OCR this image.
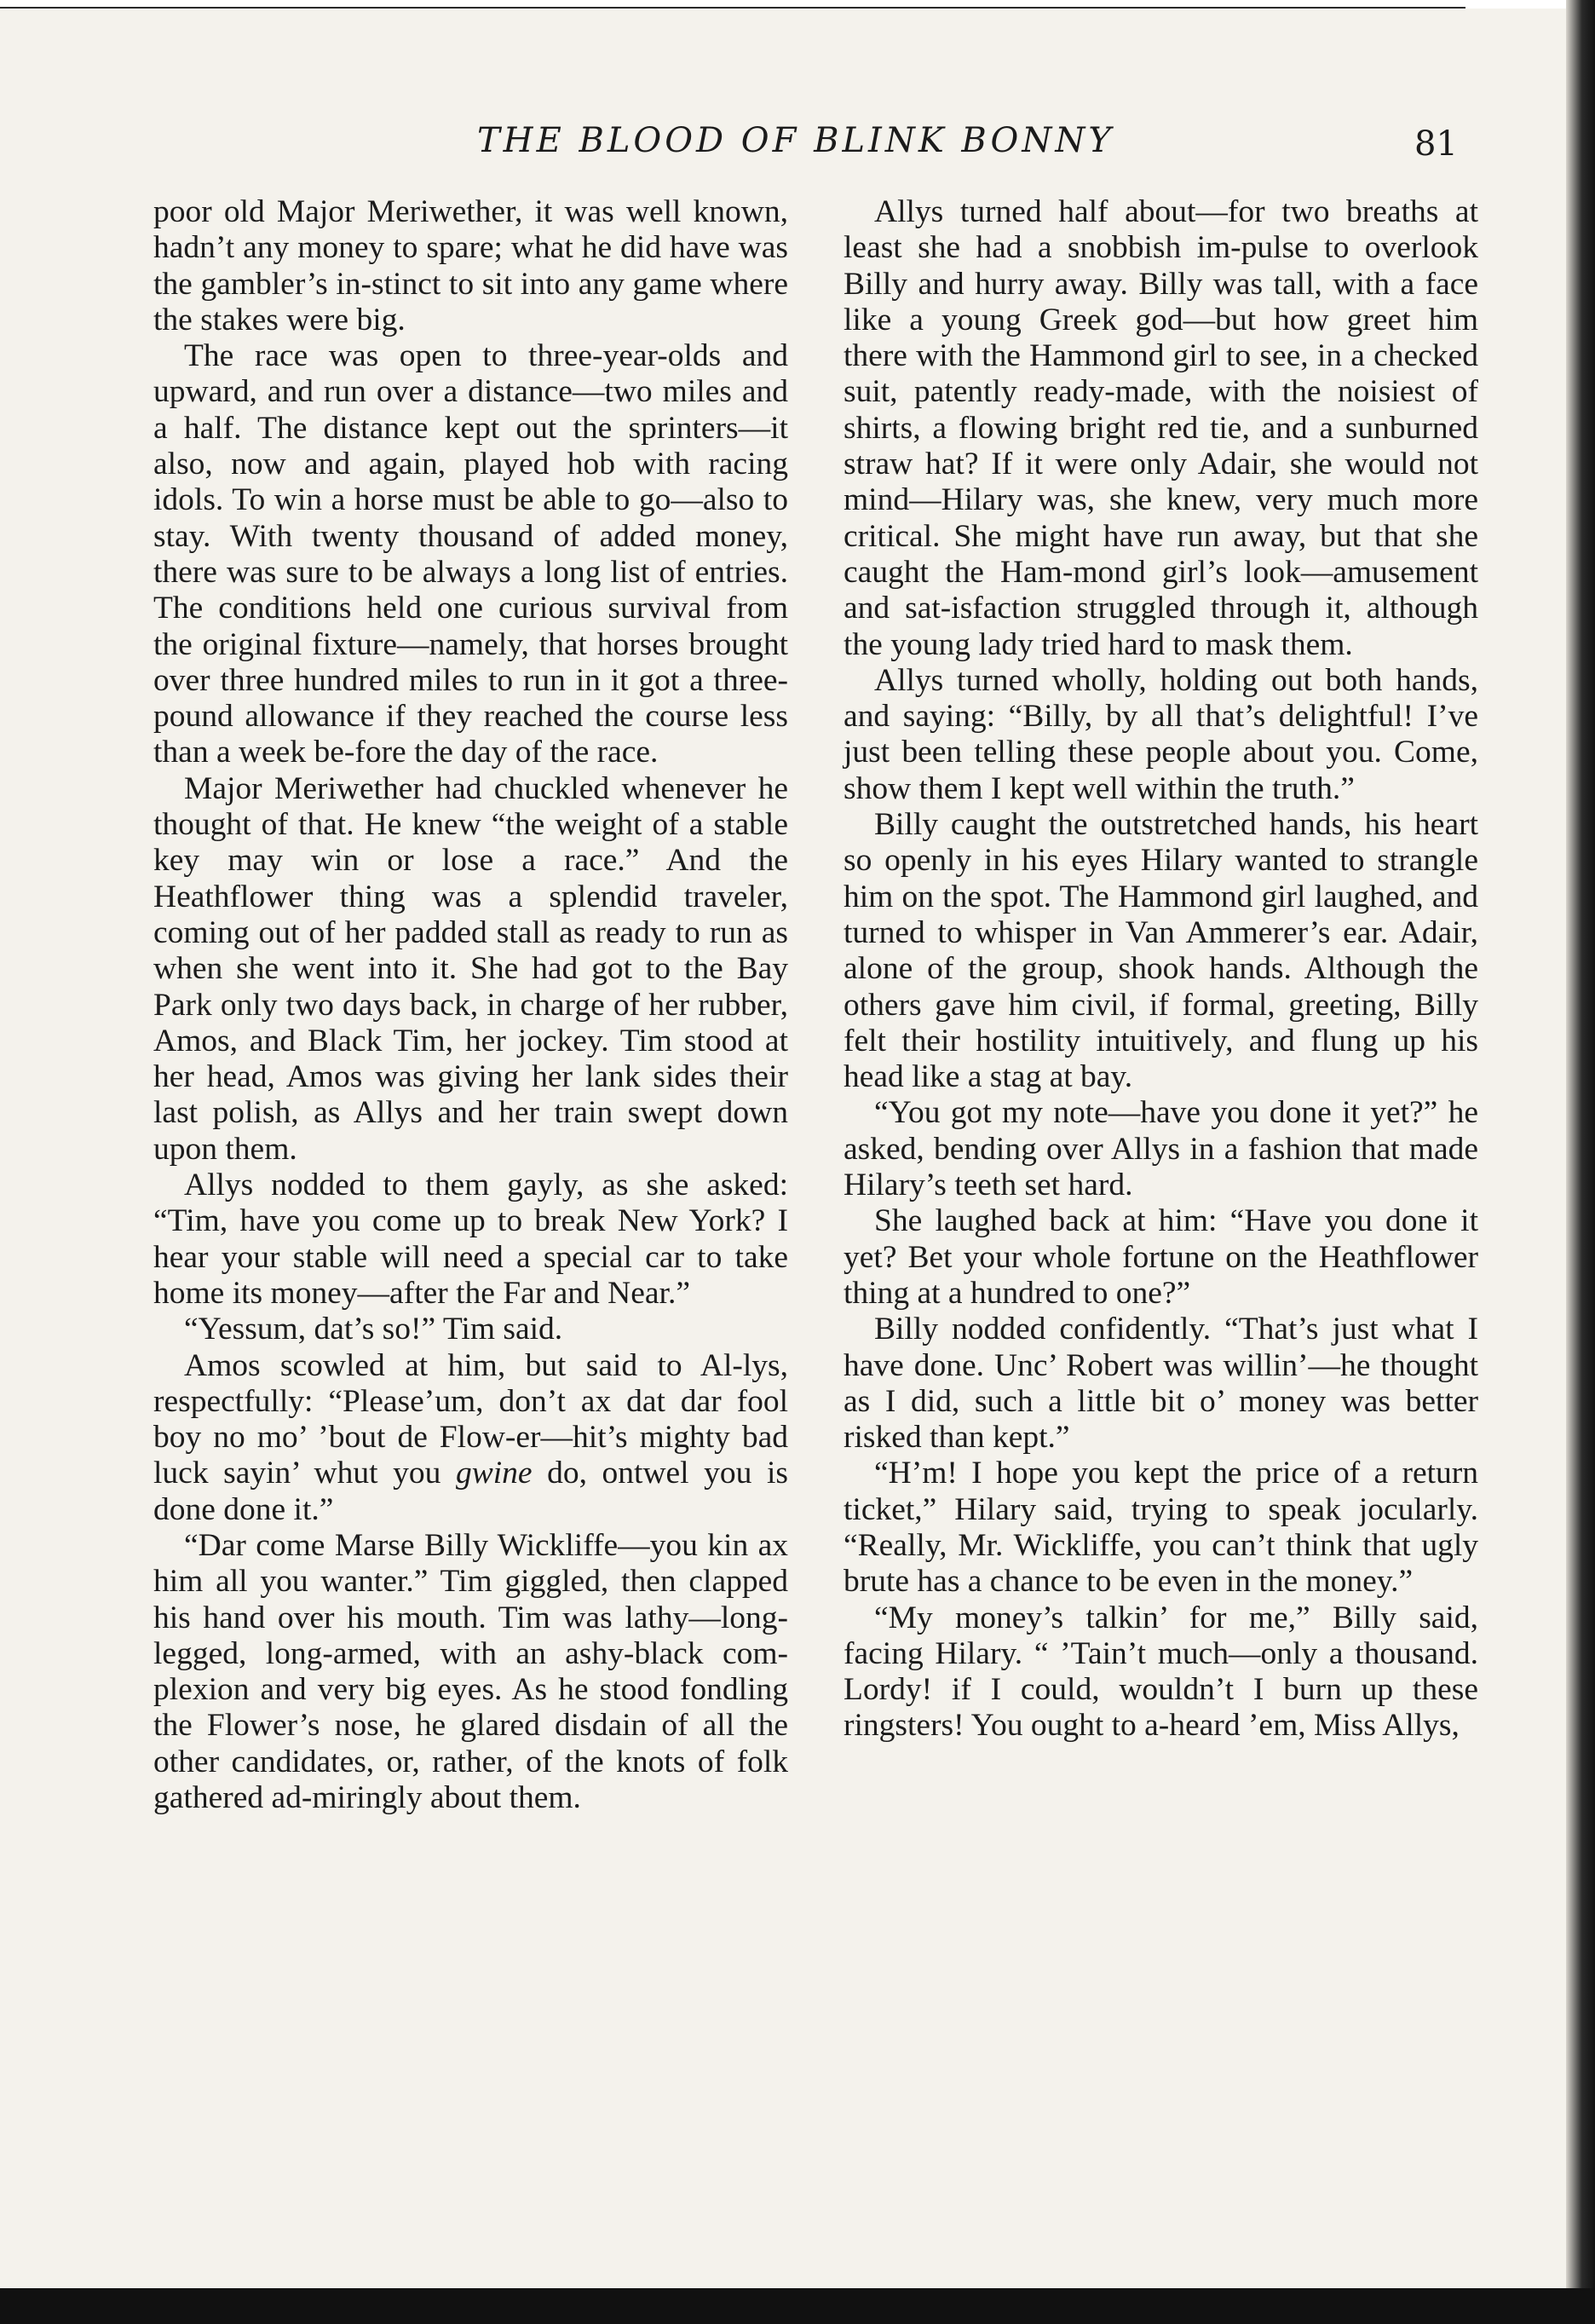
THE BLOOD OF BLINK BONNY	81

poor old Major Meriwether, it was well known, hadn’t any money to spare; what he did have was the gambler’s in-stinct to sit into any game where the stakes were big.

The race was open to three-year-olds and upward, and run over a distance—two miles and a half. The distance kept out the sprinters—it also, now and again, played hob with racing idols. To win a horse must be able to go—also to stay. With twenty thousand of added money, there was sure to be always a long list of entries. The conditions held one curious survival from the original fixture—namely, that horses brought over three hundred miles to run in it got a three-pound allowance if they reached the course less than a week be-fore the day of the race.

Major Meriwether had chuckled whenever he thought of that. He knew “the weight of a stable key may win or lose a race.” And the Heathflower thing was a splendid traveler, coming out of her padded stall as ready to run as when she went into it. She had got to the Bay Park only two days back, in charge of her rubber, Amos, and Black Tim, her jockey. Tim stood at her head, Amos was giving her lank sides their last polish, as Allys and her train swept down upon them.

Allys nodded to them gayly, as she asked: “Tim, have you come up to break New York? I hear your stable will need a special car to take home its money—after the Far and Near.”

“Yessum, dat’s so!” Tim said.

Amos scowled at him, but said to Al-lys, respectfully: “Please’um, don’t ax dat dar fool boy no mo’ ’bout de Flow-er—hit’s mighty bad luck sayin’ whut you gwine do, ontwel you is done done it.”

“Dar come Marse Billy Wickliffe—you kin ax him all you wanter.” Tim giggled, then clapped his hand over his mouth. Tim was lathy—long-legged, long-armed, with an ashy-black com-plexion and very big eyes. As he stood fondling the Flower’s nose, he glared disdain of all the other candidates, or, rather, of the knots of folk gathered ad-miringly about them.

Allys turned half about—for two breaths at least she had a snobbish im-pulse to overlook Billy and hurry away. Billy was tall, with a face like a young Greek god—but how greet him there with the Hammond girl to see, in a checked suit, patently ready-made, with the noisiest of shirts, a flowing bright red tie, and a sunburned straw hat? If it were only Adair, she would not mind—Hilary was, she knew, very much more critical. She might have run away, but that she caught the Ham-mond girl’s look—amusement and sat-isfaction struggled through it, although the young lady tried hard to mask them.

Allys turned wholly, holding out both hands, and saying: “Billy, by all that’s delightful! I’ve just been telling these people about you. Come, show them I kept well within the truth.”

Billy caught the outstretched hands, his heart so openly in his eyes Hilary wanted to strangle him on the spot. The Hammond girl laughed, and turned to whisper in Van Ammerer’s ear. Adair, alone of the group, shook hands. Although the others gave him civil, if formal, greeting, Billy felt their hostility intuitively, and flung up his head like a stag at bay.

“You got my note—have you done it yet?” he asked, bending over Allys in a fashion that made Hilary’s teeth set hard.

She laughed back at him: “Have you done it yet? Bet your whole fortune on the Heathflower thing at a hundred to one?”

Billy nodded confidently. “That’s just what I have done. Unc’ Robert was willin’—he thought as I did, such a little bit o’ money was better risked than kept.”

“H’m! I hope you kept the price of a return ticket,” Hilary said, trying to speak jocularly. “Really, Mr. Wickliffe, you can’t think that ugly brute has a chance to be even in the money.”

“My money’s talkin’ for me,” Billy said, facing Hilary. “ ’Tain’t much—only a thousand. Lordy! if I could, wouldn’t I burn up these ringsters! You ought to a-heard ’em, Miss Allys,
